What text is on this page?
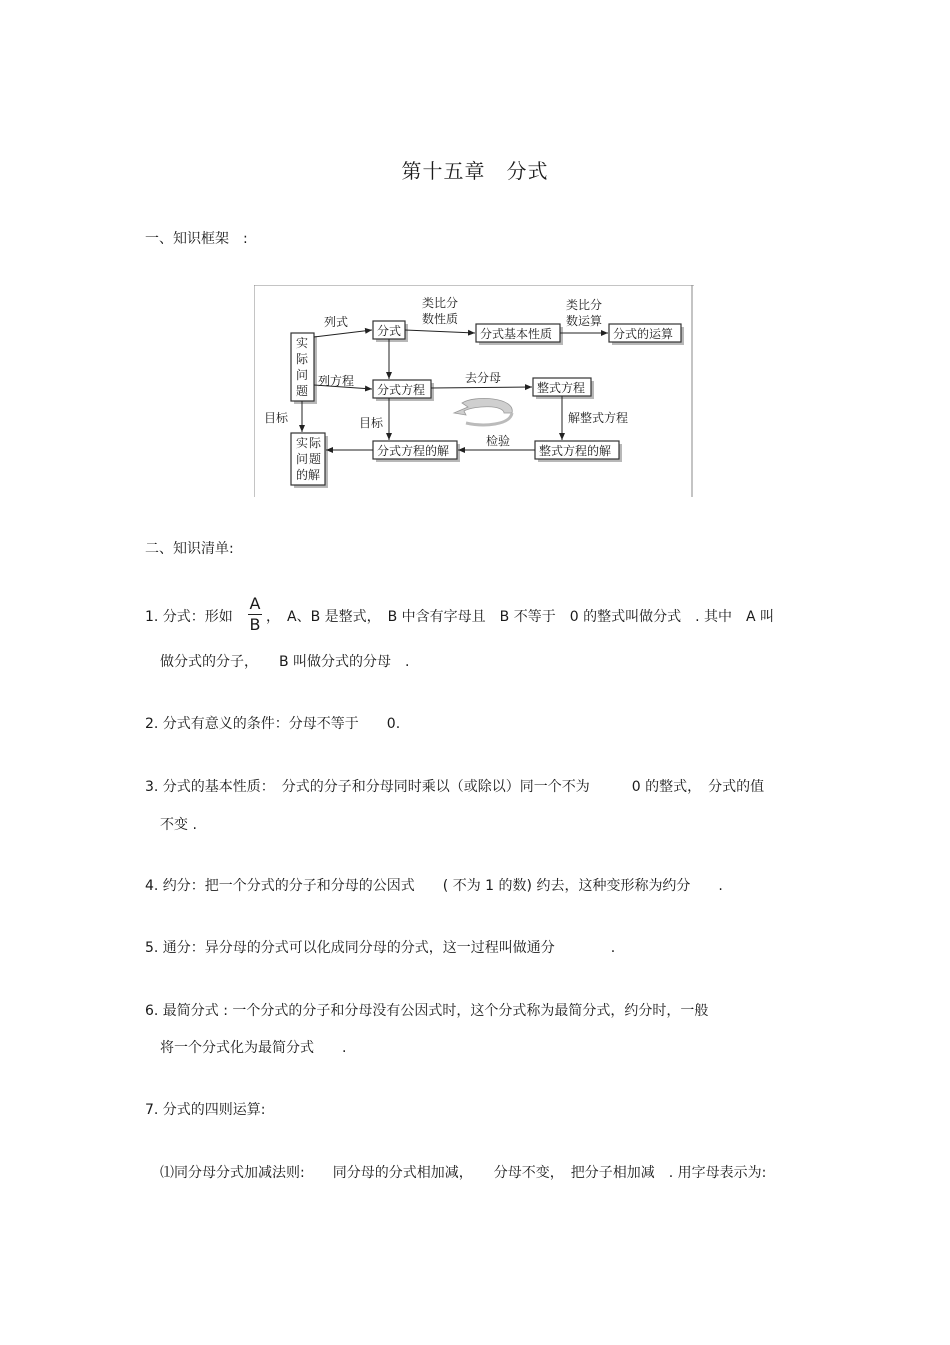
第十五章　分式
一、知识框架　:
实
际
问
题
分式	分式基本性质	分式的运算
分式方程	整式方程
分式方程的解	整式方程的解
实 际
问 题
的解
列式
类比分
数性质
类比分
数运算
列方程	去分母
目标	目标	解整式方程
检验
二、知识清单:
1. 分式：形如
A
B ，　A、B 是整式，　B 中含有字母且　B 不等于　0 的整式叫做分式　. 其中　A 叫
做分式的分子，　　B 叫做分式的分母　.
2. 分式有意义的条件：分母不等于　　0.
3. 分式的基本性质：　分式的分子和分母同时乘以（或除以）同一个不为　　　0 的整式，　分式的值
不变 .
4. 约分：把一个分式的分子和分母的公因式　　( 不为 1 的数) 约去，这种变形称为约分　　.
5. 通分：异分母的分式可以化成同分母的分式，这一过程叫做通分　　　　.
6. 最简分式 : 一个分式的分子和分母没有公因式时，这个分式称为最简分式，约分时，一般
将一个分式化为最简分式　　.
7. 分式的四则运算:
⑴同分母分式加减法则:　　同分母的分式相加减，　　分母不变，　把分子相加减　. 用字母表示为:
